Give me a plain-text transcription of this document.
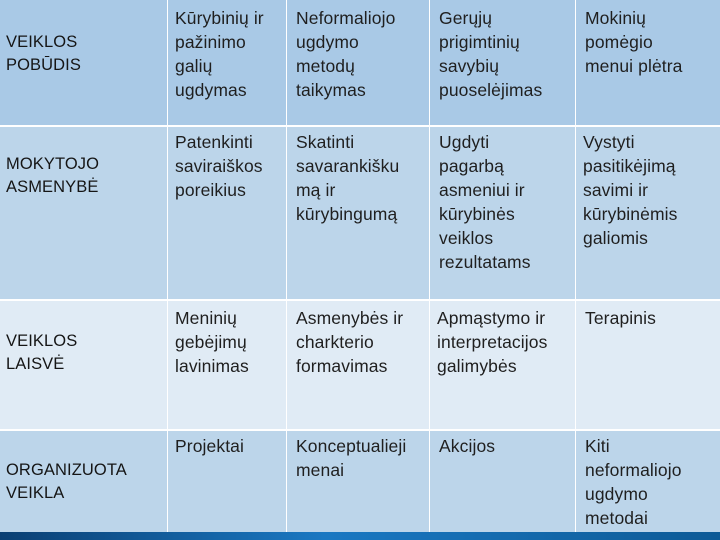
VEIKLOS
POBŪDIS
Kūrybinių ir
pažinimo
galių
ugdymas
Neformaliojo
ugdymo
metodų
taikymas
Gerųjų
prigimtinių
savybių
puoselėjimas
Mokinių
pomėgio
menui plėtra
MOKYTOJO
ASMENYBĖ
Patenkinti
saviraiškos
poreikius
Skatinti
savarankišku
mą ir
kūrybingumą
Ugdyti
pagarbą
asmeniui ir
kūrybinės
veiklos
rezultatams
Vystyti
pasitikėjimą
savimi ir
kūrybinėmis
galiomis
VEIKLOS
LAISVĖ
Meninių
gebėjimų
lavinimas
Asmenybės ir
charkterio
formavimas
Apmąstymo ir
interpretacijos
galimybės
Terapinis
ORGANIZUOTA
VEIKLA
Projektai	Konceptualieji
menai
Akcijos	Kiti
neformaliojo
ugdymo
metodai
